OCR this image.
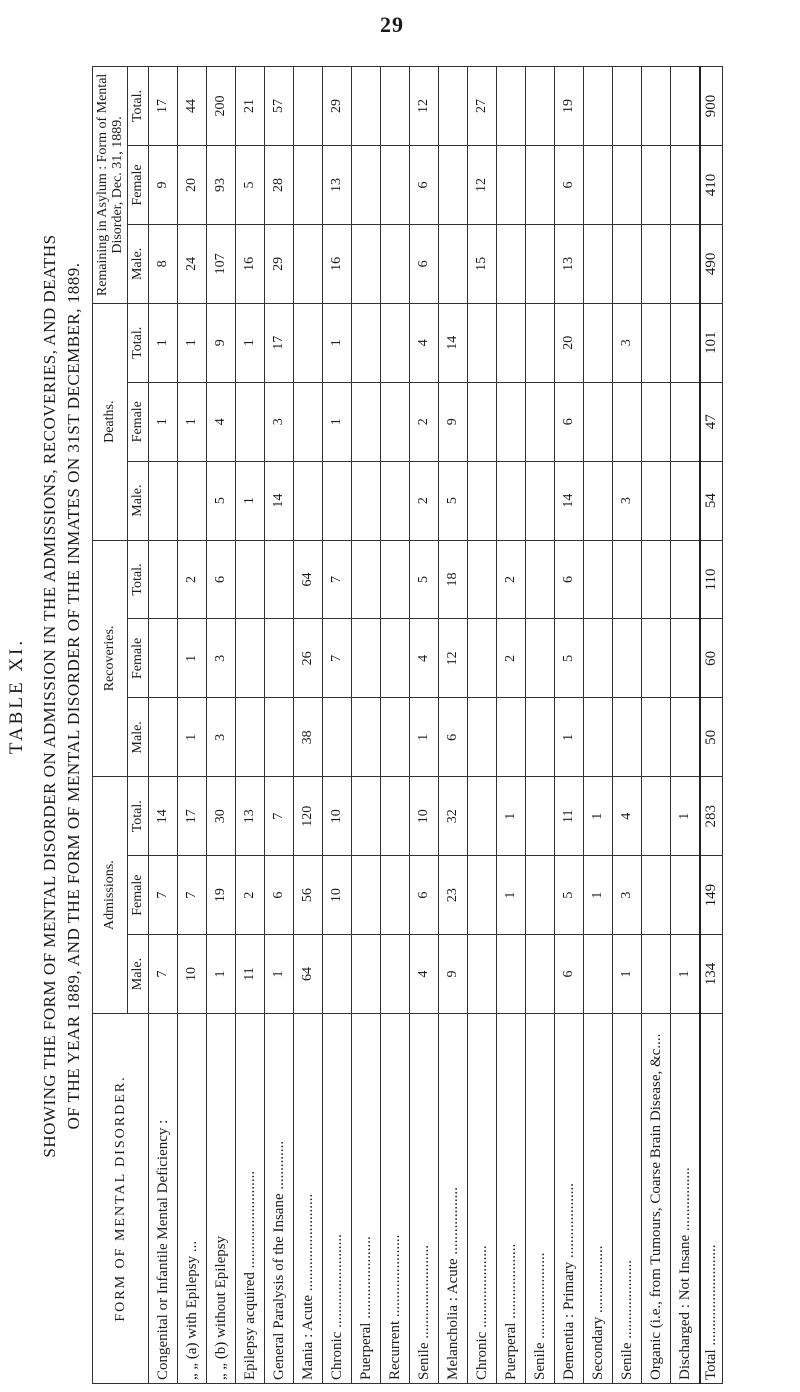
29
TABLE XI. SHOWING THE FORM OF MENTAL DISORDER ON ADMISSION IN THE ADMISSIONS, RECOVERIES, AND DEATHS OF THE YEAR 1889, AND THE FORM OF MENTAL DISORDER OF THE INMATES ON 31ST DECEMBER, 1889.
FORM OF MENTAL DISORDER.	Admissions.			Recoveries.			Deaths.			Remaining in Asylum : Form of Mental Disorder, Dec. 31, 1889.		
	Male.	Female	Total.	Male.	Female	Total.	Male.	Female	Total.	Male.	Female	Total.
Congenital or Infantile Mental Deficiency :	7	7	14					1	1	8	9	17
„ „ (a) with Epilepsy ...	10	7	17	1	1	2		1	1	24	20	44
„ „ (b) without Epilepsy	1	19	30	3	3	6	5	4	9	107	93	200
Epilepsy acquired ..........................	11	2	13				1		1	16	5	21
General Paralysis of the Insane .............	1	6	7				14	3	17	29	28	57
Mania : Acute ..........................	64	56	120	38	26	64						
Chronic .........................		10	10		7	7		1	1	16	13	29
Puerperal ......................												
Recurrent ......................												
Senile .........................	4	6	10	1	4	5	2	2	4	6	6	12
Melancholia : Acute ..................	9	23	32	6	12	18	5	9	14			
Chronic ......................										15	12	27
Puerperal ....................		1	1		2	2						
Senile .......................												
Dementia : Primary ....................	6	5	11	1	5	6	14	6	20	13	6	19
Secondary ..................		1	1									
Senile .....................	1	3	4				3		3			
Organic (i.e., from Tumours, Coarse Brain Disease, &c....												
Discharged : Not Insane .................	1		1									
Total ...........................	134	149	283	50	60	110	54	47	101	490	410	900
